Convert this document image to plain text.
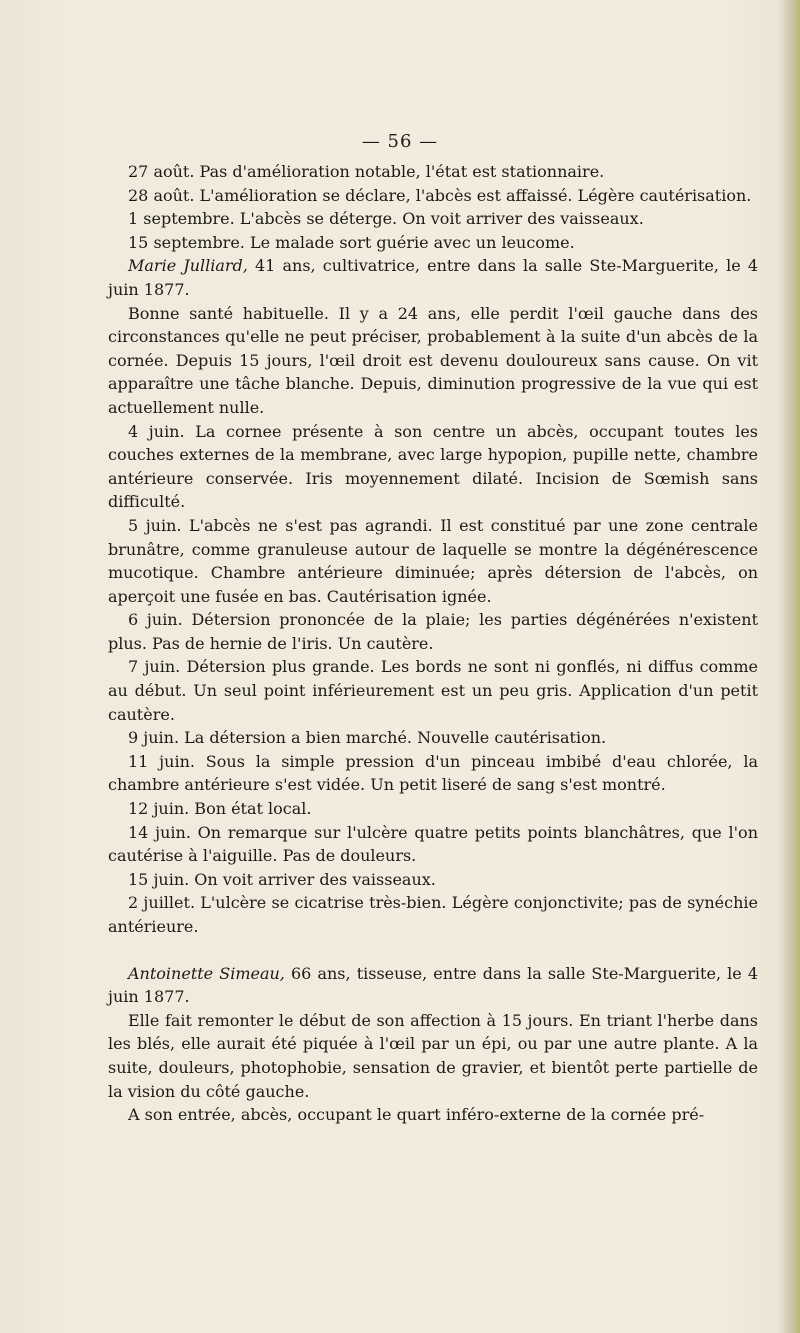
— 56 —

27 août. Pas d'amélioration notable, l'état est stationnaire.

28 août. L'amélioration se déclare, l'abcès est affaissé. Légère cautérisation.

1 septembre. L'abcès se déterge. On voit arriver des vaisseaux.

15 septembre. Le malade sort guérie avec un leucome.

Marie Julliard, 41 ans, cultivatrice, entre dans la salle Ste-Marguerite, le 4 juin 1877.

Bonne santé habituelle. Il y a 24 ans, elle perdit l'œil gauche dans des circonstances qu'elle ne peut préciser, probablement à la suite d'un abcès de la cornée. Depuis 15 jours, l'œil droit est devenu douloureux sans cause. On vit apparaître une tâche blanche. Depuis, diminution progressive de la vue qui est actuellement nulle.

4 juin. La cornee présente à son centre un abcès, occupant toutes les couches externes de la membrane, avec large hypopion, pupille nette, chambre antérieure conservée. Iris moyennement dilaté. Incision de Sœmish sans difficulté.

5 juin. L'abcès ne s'est pas agrandi. Il est constitué par une zone centrale brunâtre, comme granuleuse autour de laquelle se montre la dégénérescence mucotique. Chambre antérieure diminuée; après détersion de l'abcès, on aperçoit une fusée en bas. Cautérisation ignée.

6 juin. Détersion prononcée de la plaie; les parties dégénérées n'existent plus. Pas de hernie de l'iris. Un cautère.

7 juin. Détersion plus grande. Les bords ne sont ni gonflés, ni diffus comme au début. Un seul point inférieurement est un peu gris. Application d'un petit cautère.

9 juin. La détersion a bien marché. Nouvelle cautérisation.

11 juin. Sous la simple pression d'un pinceau imbibé d'eau chlorée, la chambre antérieure s'est vidée. Un petit liseré de sang s'est montré.

12 juin. Bon état local.

14 juin. On remarque sur l'ulcère quatre petits points blanchâtres, que l'on cautérise à l'aiguille. Pas de douleurs.

15 juin. On voit arriver des vaisseaux.

2 juillet. L'ulcère se cicatrise très-bien. Légère conjonctivite; pas de synéchie antérieure.

Antoinette Simeau, 66 ans, tisseuse, entre dans la salle Ste-Marguerite, le 4 juin 1877.

Elle fait remonter le début de son affection à 15 jours. En triant l'herbe dans les blés, elle aurait été piquée à l'œil par un épi, ou par une autre plante. A la suite, douleurs, photophobie, sensation de gravier, et bientôt perte partielle de la vision du côté gauche.

A son entrée, abcès, occupant le quart inféro-externe de la cornée pré-
